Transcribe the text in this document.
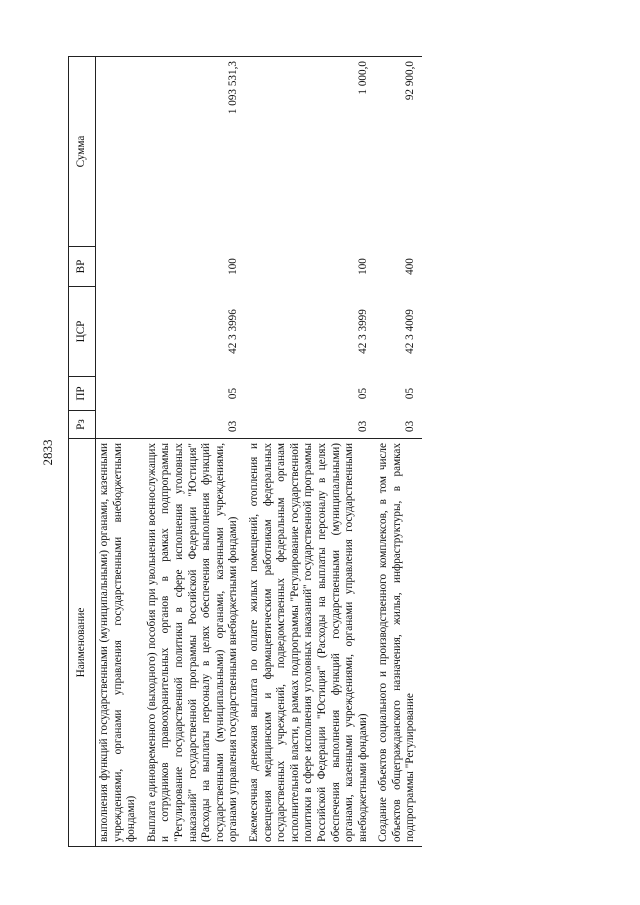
2833
Наименование	Рз	ПР	ЦСР	ВР	Сумма
выполнения функций государственными (муниципальными) органами, казенными учреждениями, органами управления государственными внебюджетными фондами)					
Выплата единовременного (выходного) пособия при увольнении военнослужащих и сотрудников правоохранительных органов в рамках подпрограммы "Регулирование государственной политики в сфере исполнения уголовных наказаний" государственной программы Российской Федерации "Юстиция" (Расходы на выплаты персоналу в целях обеспечения выполнения функций государственными (муниципальными) органами, казенными учреждениями, органами управления государственными внебюджетными фондами)	03	05	42 3 3996	100	1 093 531,3
Ежемесячная денежная выплата по оплате жилых помещений, отопления и освещения медицинским и фармацевтическим работникам федеральных государственных учреждений, подведомственных федеральным органам исполнительной власти, в рамках подпрограммы "Регулирование государственной политики в сфере исполнения уголовных наказаний" государственной программы Российской Федерации "Юстиция" (Расходы на выплаты персоналу в целях обеспечения выполнения функций государственными (муниципальными) органами, казенными учреждениями, органами управления государственными внебюджетными фондами)	03	05	42 3 3999	100	1 000,0
Создание объектов социального и производственного комплексов, в том числе объектов общегражданского назначения, жилья, инфраструктуры, в рамках подпрограммы "Регулирование	03	05	42 3 4009	400	92 900,0
